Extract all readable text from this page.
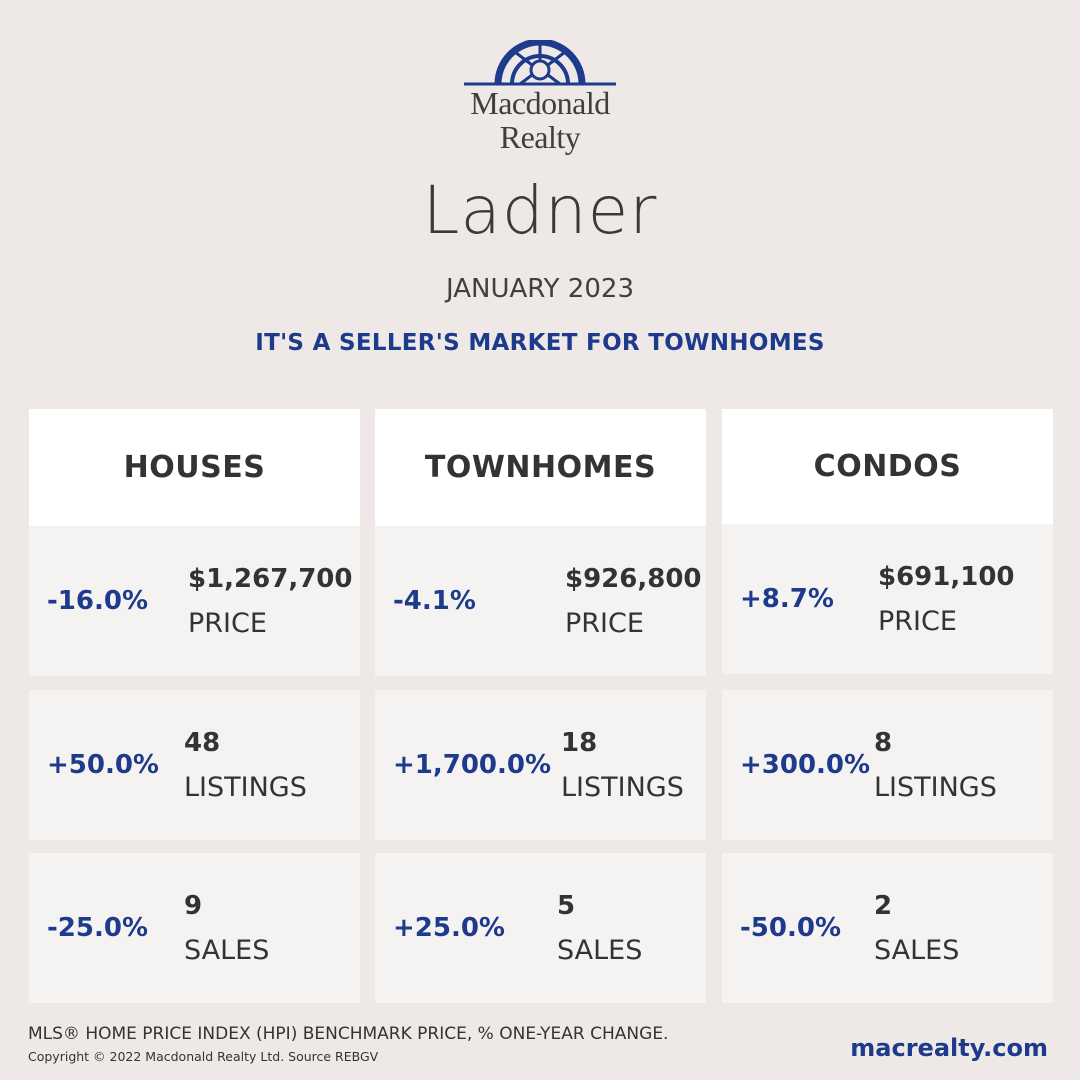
Macdonald
Realty
Ladner
JANUARY 2023
IT'S A SELLER'S MARKET FOR TOWNHOMES
HOUSES
-16.0%
$1,267,700
PRICE
+50.0%
48
LISTINGS
-25.0%
9
SALES
TOWNHOMES
-4.1%
$926,800
PRICE
+1,700.0%
18
LISTINGS
+25.0%
5
SALES
CONDOS
+8.7%
$691,100
PRICE
+300.0%
8
LISTINGS
-50.0%
2
SALES
MLS® HOME PRICE INDEX (HPI) BENCHMARK PRICE, % ONE-YEAR CHANGE.
Copyright © 2022 Macdonald Realty Ltd. Source REBGV	macrealty.com
